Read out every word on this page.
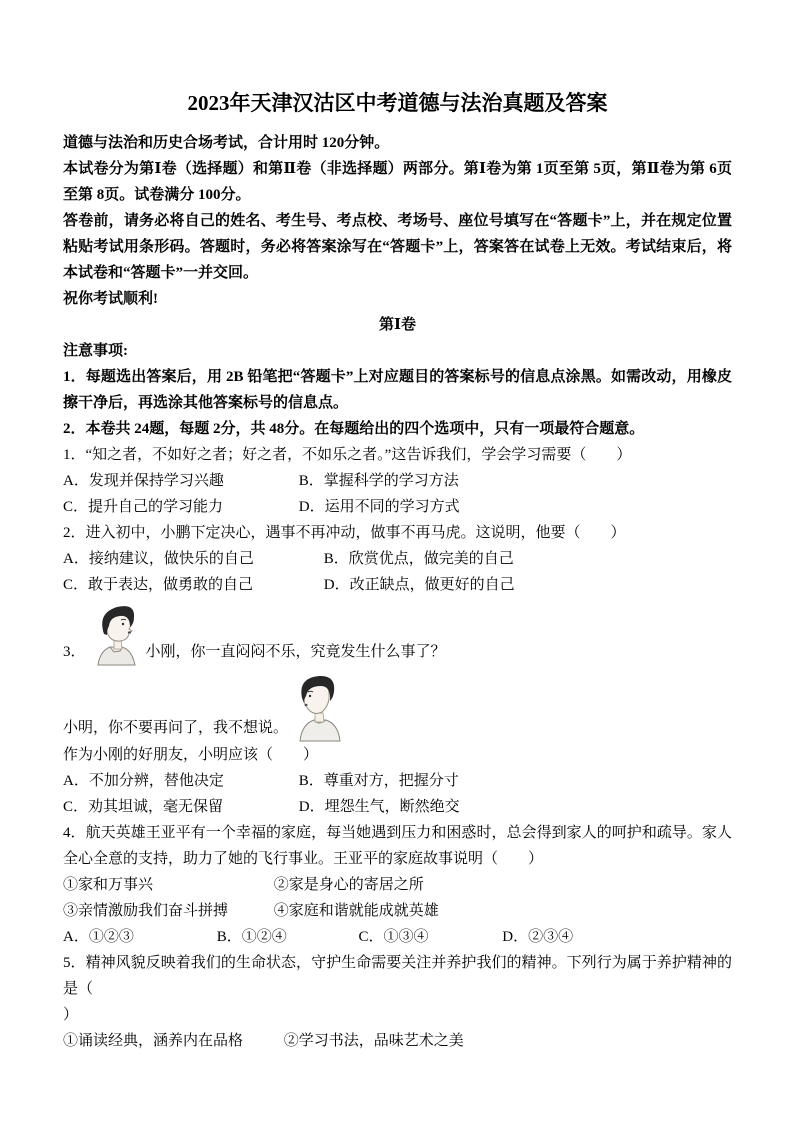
2023年天津汉沽区中考道德与法治真题及答案

道德与法治和历史合场考试，合计用时 120分钟。

本试卷分为第Ⅰ卷（选择题）和第Ⅱ卷（非选择题）两部分。第Ⅰ卷为第 1页至第 5页，第Ⅱ卷为第 6页至第 8页。试卷满分 100分。

答卷前，请务必将自己的姓名、考生号、考点校、考场号、座位号填写在“答题卡”上，并在规定位置粘贴考试用条形码。答题时，务必将答案涂写在“答题卡”上，答案答在试卷上无效。考试结束后，将本试卷和“答题卡”一并交回。

祝你考试顺利!

第Ⅰ卷

注意事项:

1．每题选出答案后，用 2B 铅笔把“答题卡”上对应题目的答案标号的信息点涂黑。如需改动，用橡皮擦干净后，再选涂其他答案标号的信息点。

2．本卷共 24题，每题 2分，共 48分。在每题给出的四个选项中，只有一项最符合题意。

1．“知之者，不如好之者；好之者，不如乐之者。”这告诉我们，学会学习需要（　　）

A．发现并保持学习兴趣	B．掌握科学的学习方法

C．提升自己的学习能力	D．运用不同的学习方式

2．进入初中，小鹏下定决心，遇事不再冲动，做事不再马虎。这说明，他要（　　）

A．接纳建议，做快乐的自己	B．欣赏优点，做完美的自己

C．敢于表达，做勇敢的自己	D．改正缺点，做更好的自己

3．	小刚，你一直闷闷不乐，究竟发生什么事了？
小明，你不要再问了，我不想说。

作为小刚的好朋友，小明应该（　　）

A．不加分辨，替他决定	B．尊重对方，把握分寸

C．劝其坦诚，毫无保留	D．埋怨生气，断然绝交

4．航天英雄王亚平有一个幸福的家庭，每当她遇到压力和困惑时，总会得到家人的呵护和疏导。家人全心全意的支持，助力了她的飞行事业。王亚平的家庭故事说明（　　）

①家和万事兴	②家是身心的寄居之所

③亲情激励我们奋斗拼搏	④家庭和谐就能成就英雄

A．①②③	B．①②④	C．①③④	D．②③④

5．精神风貌反映着我们的生命状态，守护生命需要关注并养护我们的精神。下列行为属于养护精神的是（

）

①诵读经典，涵养内在品格	②学习书法，品味艺术之美
